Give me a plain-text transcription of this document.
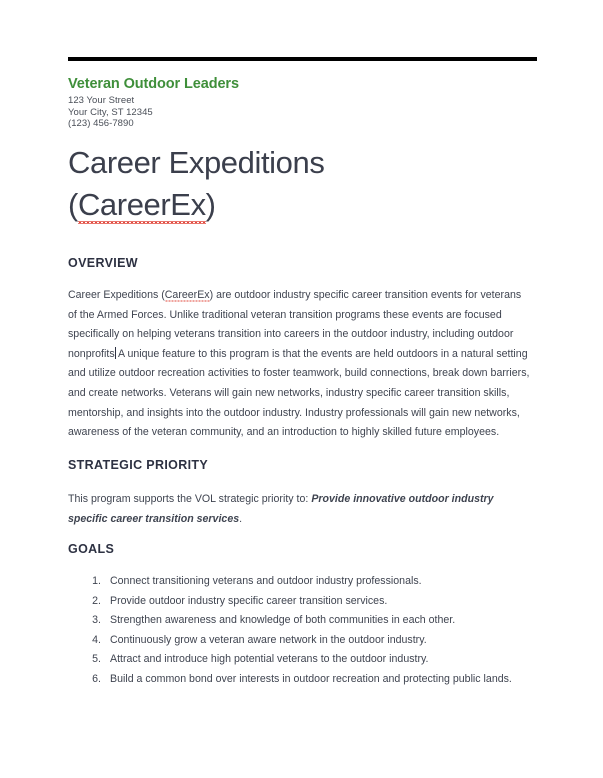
Veteran Outdoor Leaders
123 Your Street
Your City, ST 12345
(123) 456-7890
Career Expeditions
(CareerEx)
OVERVIEW

Career Expeditions (CareerEx) are outdoor industry specific career transition events for veterans of the Armed Forces. Unlike traditional veteran transition programs these events are focused specifically on helping veterans transition into careers in the outdoor industry, including outdoor nonprofits A unique feature to this program is that the events are held outdoors in a natural setting and utilize outdoor recreation activities to foster teamwork, build connections, break down barriers, and create networks. Veterans will gain new networks, industry specific career transition skills, mentorship, and insights into the outdoor industry. Industry professionals will gain new networks, awareness of the veteran community, and an introduction to highly skilled future employees.

STRATEGIC PRIORITY

This program supports the VOL strategic priority to: Provide innovative outdoor industry specific career transition services.

GOALS
1. Connect transitioning veterans and outdoor industry professionals.
2. Provide outdoor industry specific career transition services.
3. Strengthen awareness and knowledge of both communities in each other.
4. Continuously grow a veteran aware network in the outdoor industry.
5. Attract and introduce high potential veterans to the outdoor industry.
6. Build a common bond over interests in outdoor recreation and protecting public lands.
